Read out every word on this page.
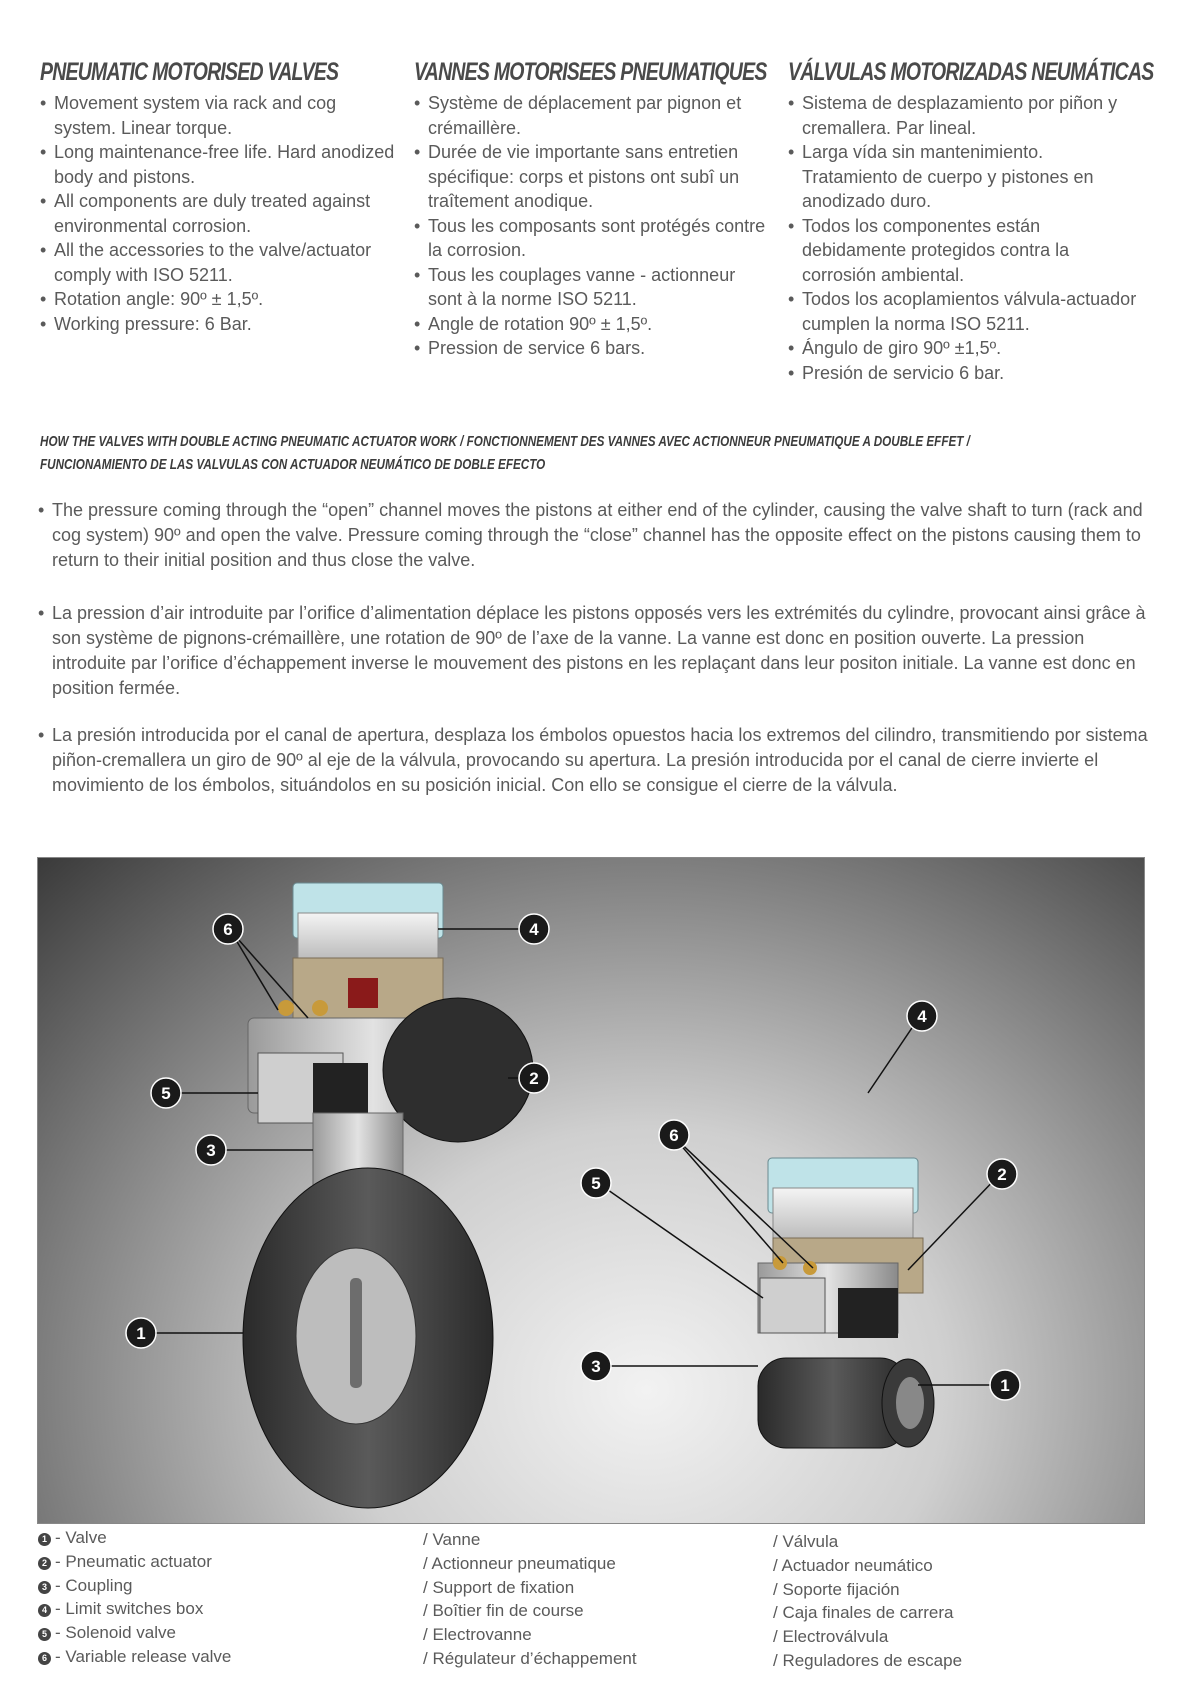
PNEUMATIC MOTORISED VALVES
• Movement system via rack and cog system. Linear torque.
• Long maintenance-free life. Hard anodized body and pistons.
• All components are duly treated against environmental corrosion.
• All the accessories to the valve/actuator comply with ISO 5211.
• Rotation angle: 90º ± 1,5º.
• Working pressure: 6 Bar.
VANNES MOTORISEES PNEUMATIQUES
• Système de déplacement par pignon et crémaillère.
• Durée de vie importante sans entretien spécifique: corps et pistons ont subî un traîtement anodique.
• Tous les composants sont protégés contre la corrosion.
• Tous les couplages vanne - actionneur sont à la norme ISO 5211.
• Angle de rotation 90º ± 1,5º.
• Pression de service 6 bars.
VÁLVULAS MOTORIZADAS NEUMÁTICAS
• Sistema de desplazamiento por piñon y cremallera. Par lineal.
• Larga vída sin mantenimiento. Tratamiento de cuerpo y pistones en anodizado duro.
• Todos los componentes están debidamente protegidos contra la corrosión ambiental.
• Todos los acoplamientos válvula-actuador cumplen la norma ISO 5211.
• Ángulo de giro 90º ±1,5º.
• Presión de servicio 6 bar.
HOW THE VALVES WITH DOUBLE ACTING PNEUMATIC ACTUATOR WORK / FONCTIONNEMENT DES VANNES AVEC ACTIONNEUR PNEUMATIQUE A DOUBLE EFFET /
FUNCIONAMIENTO DE LAS VALVULAS CON ACTUADOR NEUMÁTICO DE DOBLE EFECTO
• The pressure coming through the “open” channel moves the pistons at either end of the cylinder, causing the valve shaft to turn (rack and cog system) 90º and open the valve. Pressure coming through the “close” channel has the opposite effect on the pistons causing them to return to their initial position and thus close the valve.
• La pression d’air introduite par l’orifice d’alimentation déplace les pistons opposés vers les extrémités du cylindre, provocant ainsi grâce à son système de pignons-crémaillère, une rotation de 90º de l’axe de la vanne. La vanne est donc en position ouverte. La pression introduite par l’orifice d’échappement inverse le mouvement des pistons en les replaçant dans leur positon initiale. La vanne est donc en position fermée.
• La presión introducida por el canal de apertura, desplaza los émbolos opuestos hacia los extremos del cilindro, transmitiendo por sistema piñon-cremallera un giro de 90º al eje de la válvula, provocando su apertura. La presión introducida por el canal de cierre invierte el movimiento de los émbolos, situándolos en su posición inicial. Con ello se consigue el cierre de la válvula.
6	4
2
5
3
1
4
6
2
5
3
1
1 - Valve
2 - Pneumatic actuator
3 - Coupling
4 - Limit switches box
5 - Solenoid valve
6 - Variable release valve
/ Vanne
/ Actionneur pneumatique
/ Support de fixation
/ Boîtier fin de course
/ Electrovanne
/ Régulateur d’échappement
/ Válvula
/ Actuador neumático
/ Soporte fijación
/ Caja finales de carrera
/ Electroválvula
/ Reguladores de escape
